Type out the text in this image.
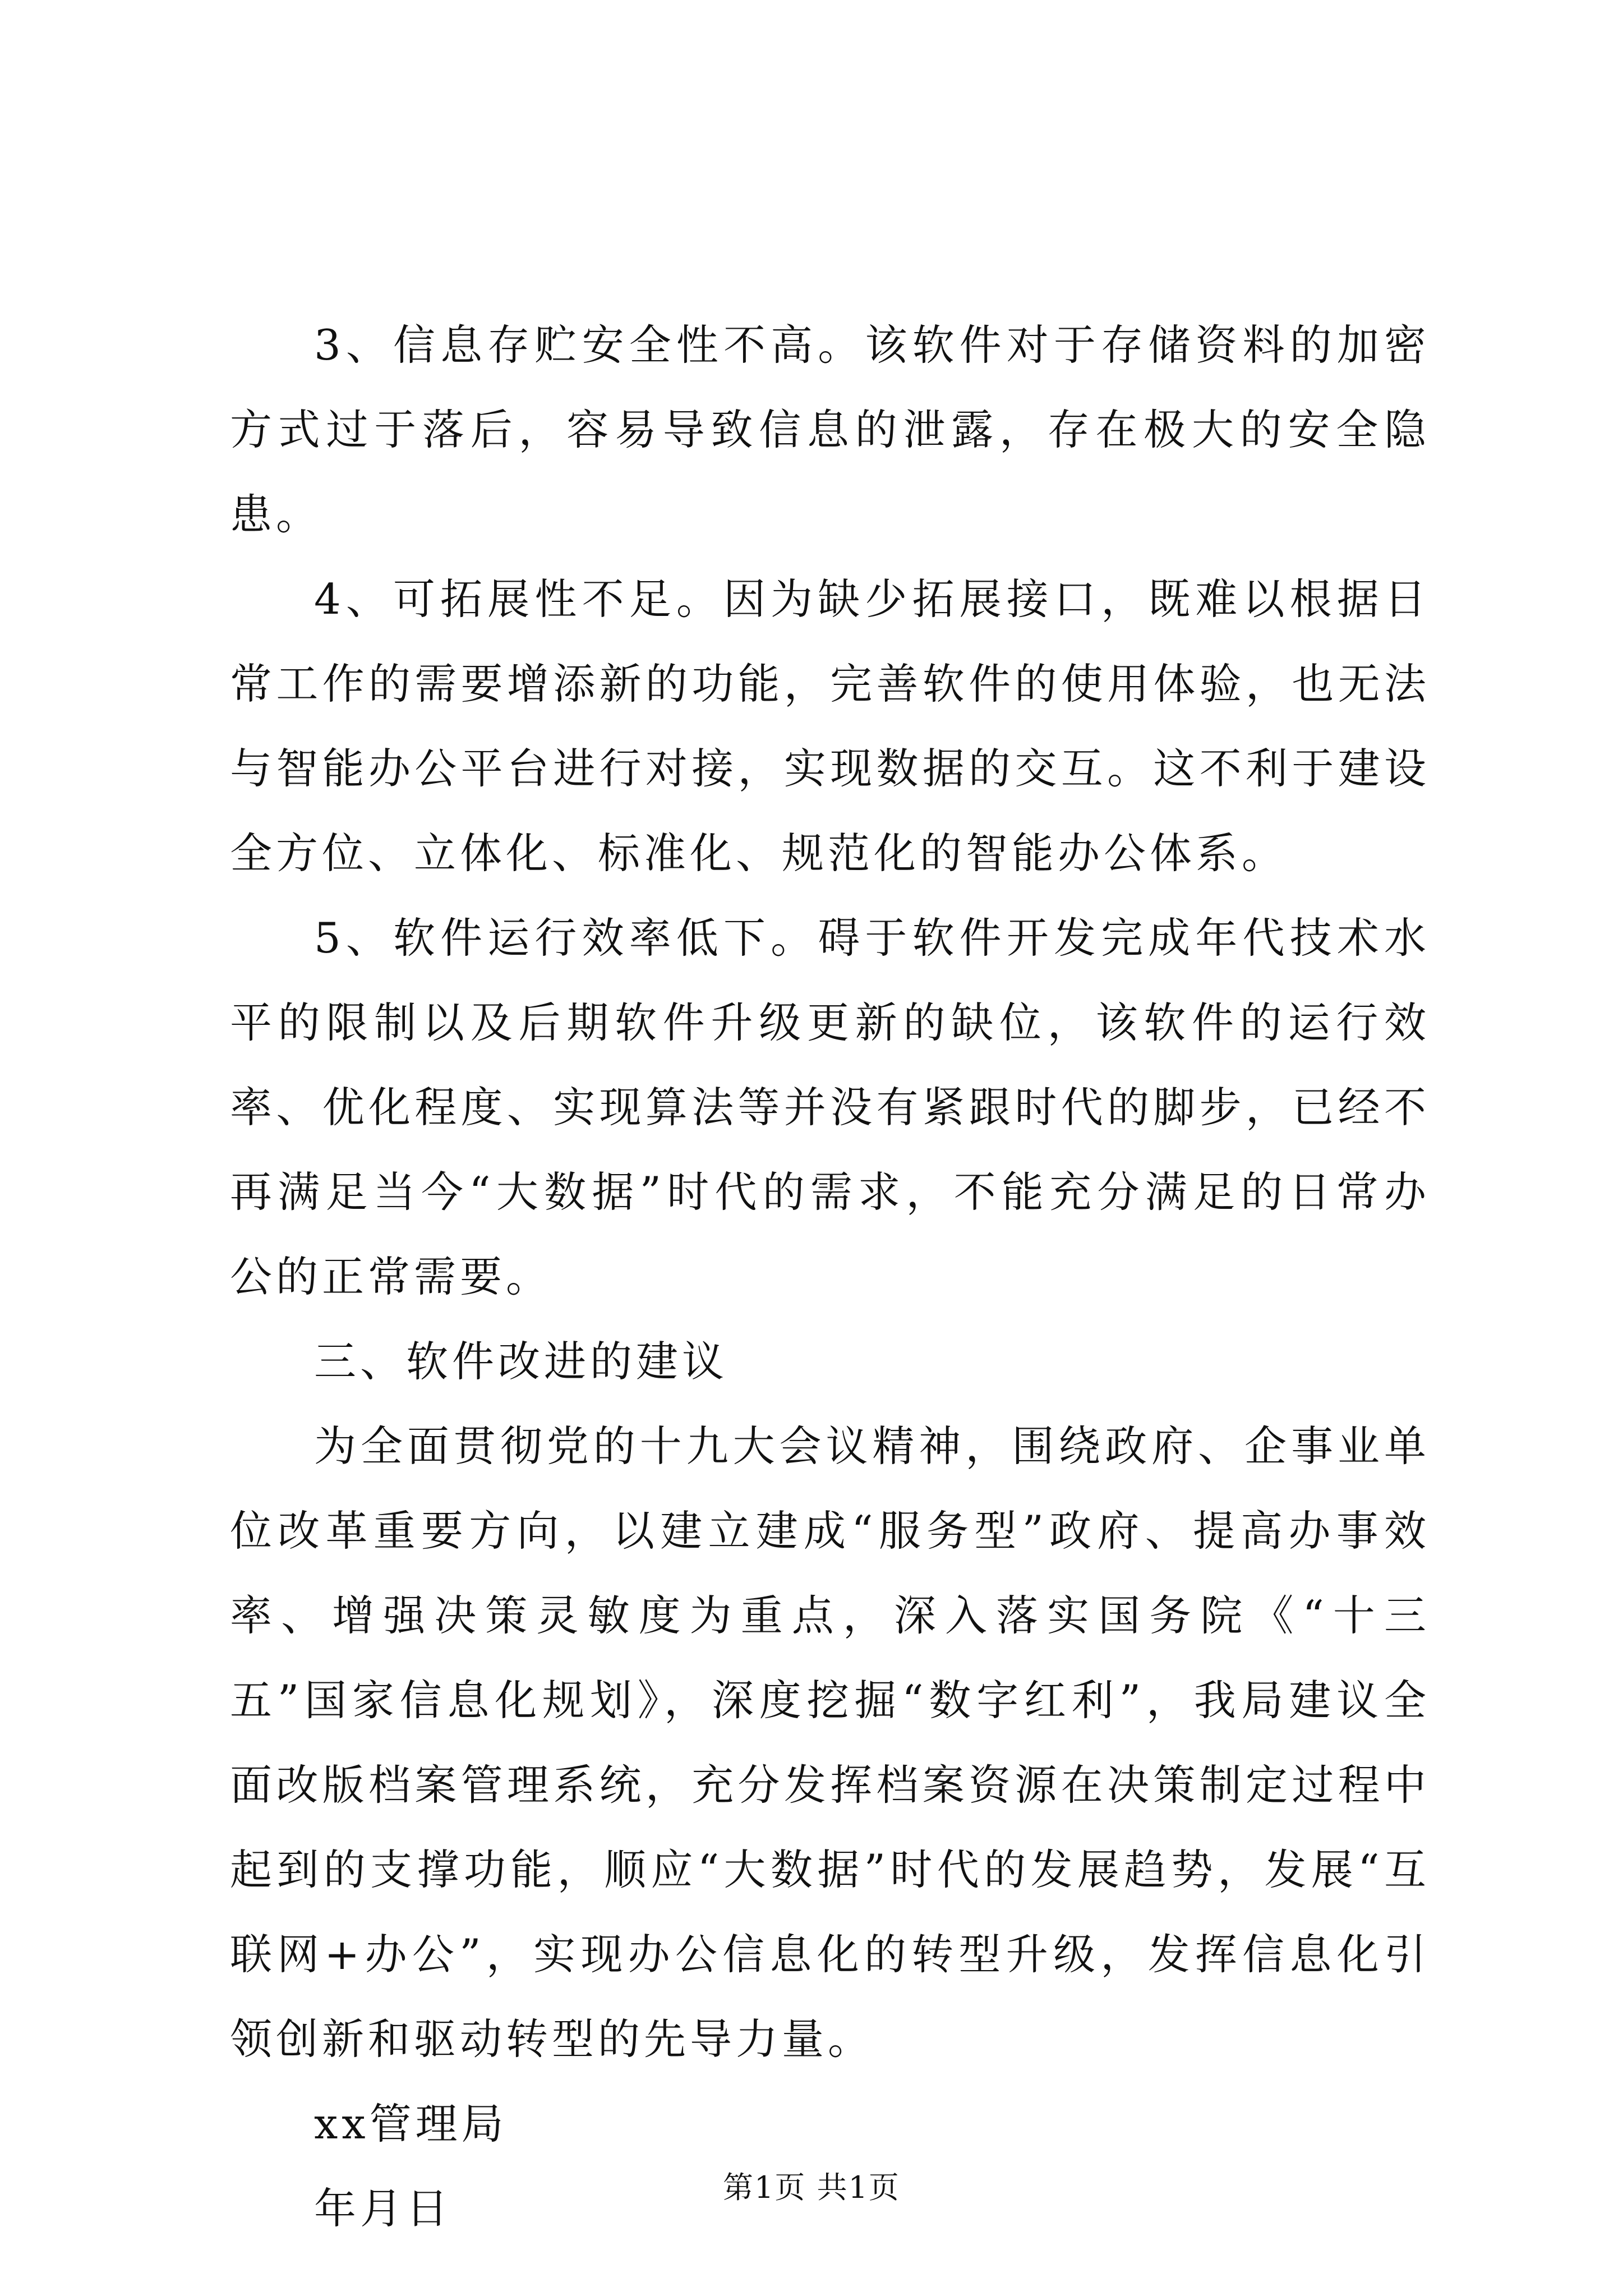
3、信息存贮安全性不高。该软件对于存储资料的加密方式过于落后，容易导致信息的泄露，存在极大的安全隐患。

4、可拓展性不足。因为缺少拓展接口，既难以根据日常工作的需要增添新的功能，完善软件的使用体验，也无法与智能办公平台进行对接，实现数据的交互。这不利于建设全方位、立体化、标准化、规范化的智能办公体系。

5、软件运行效率低下。碍于软件开发完成年代技术水平的限制以及后期软件升级更新的缺位，该软件的运行效率、优化程度、实现算法等并没有紧跟时代的脚步，已经不再满足当今“大数据”时代的需求，不能充分满足的日常办公的正常需要。

三、软件改进的建议

为全面贯彻党的十九大会议精神，围绕政府、企事业单位改革重要方向，以建立建成“服务型”政府、提高办事效率、增强决策灵敏度为重点，深入落实国务院《“十三五”国家信息化规划》，深度挖掘“数字红利”，我局建议全面改版档案管理系统，充分发挥档案资源在决策制定过程中起到的支撑功能，顺应“大数据”时代的发展趋势，发展“互联网+办公”，实现办公信息化的转型升级，发挥信息化引领创新和驱动转型的先导力量。

xx管理局

年月日	第1页 共1页
